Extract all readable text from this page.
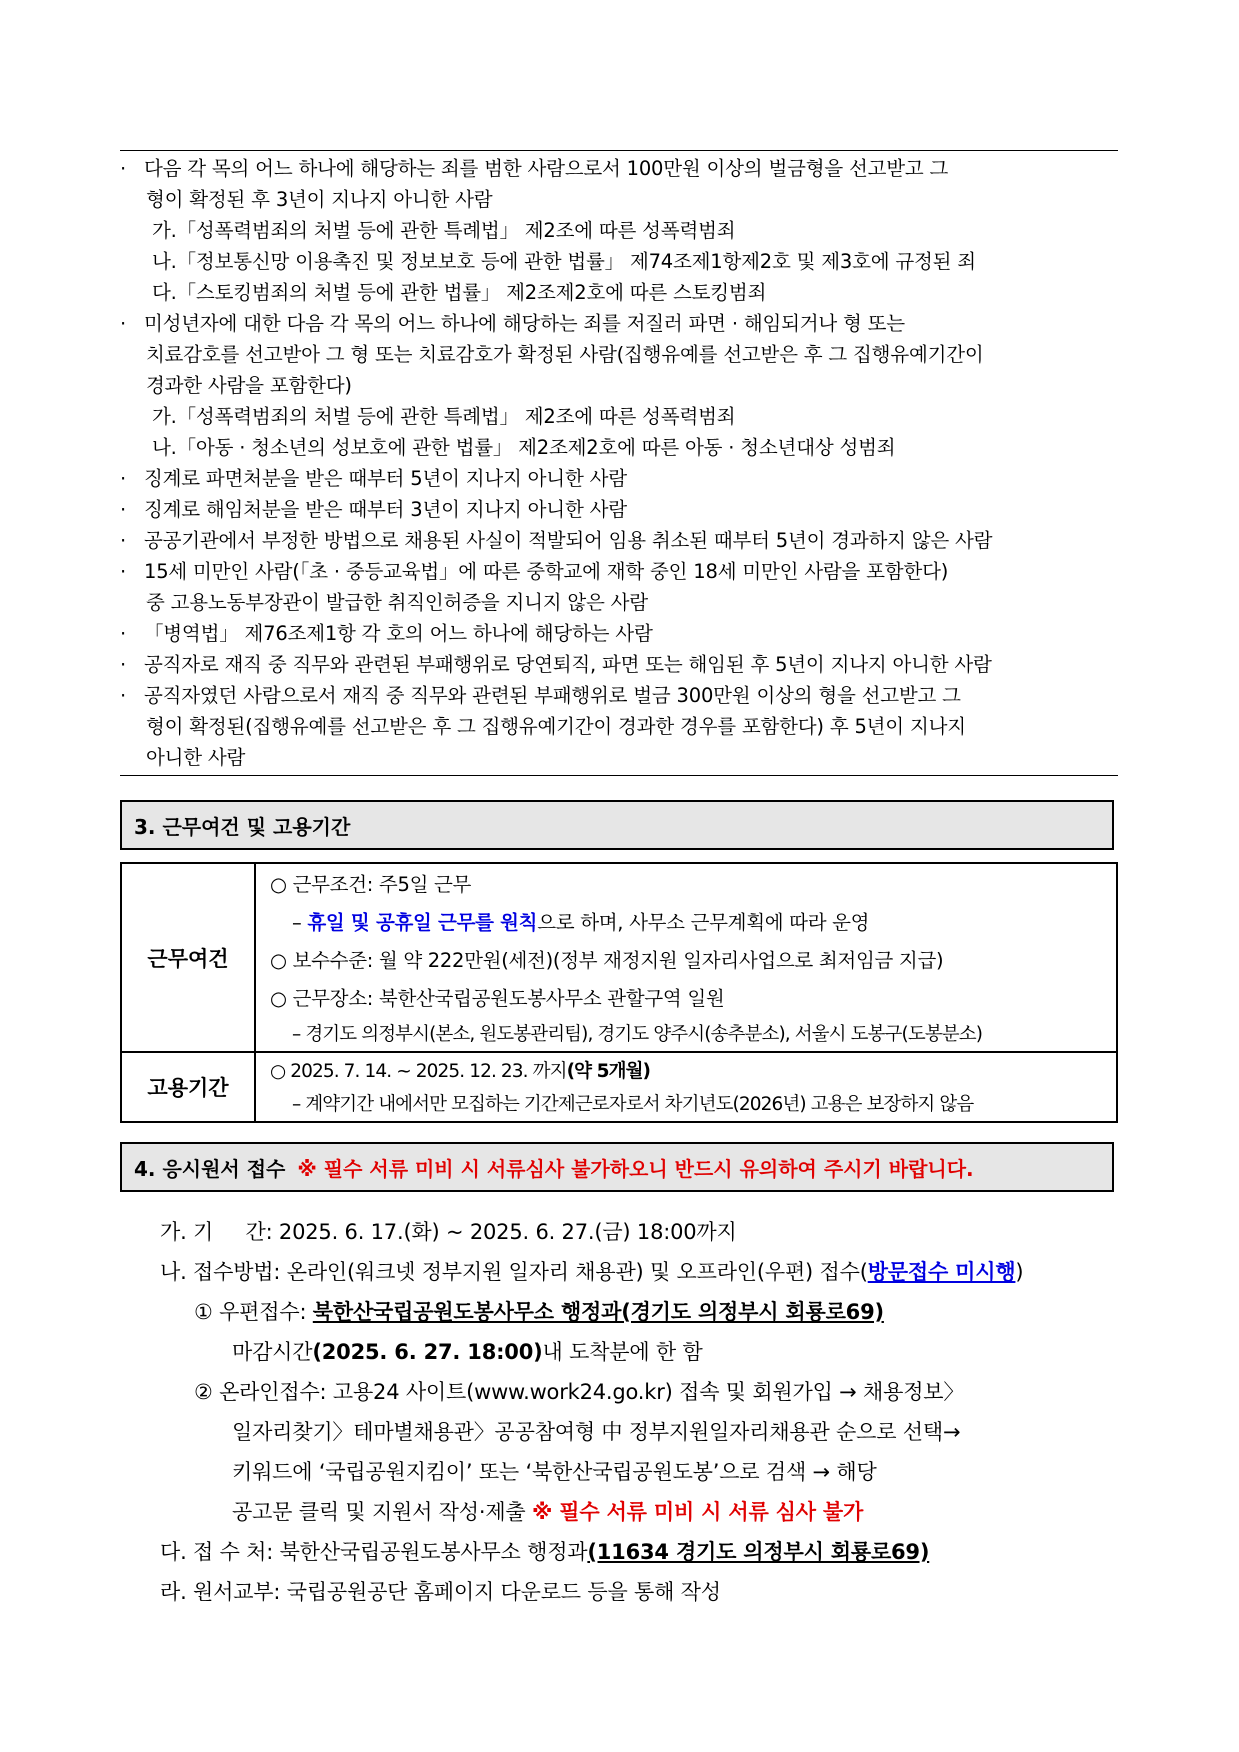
· 다음 각 목의 어느 하나에 해당하는 죄를 범한 사람으로서 100만원 이상의 벌금형을 선고받고 그
형이 확정된 후 3년이 지나지 아니한 사람
가.「성폭력범죄의 처벌 등에 관한 특례법」 제2조에 따른 성폭력범죄
나.「정보통신망 이용촉진 및 정보보호 등에 관한 법률」 제74조제1항제2호 및 제3호에 규정된 죄
다.「스토킹범죄의 처벌 등에 관한 법률」 제2조제2호에 따른 스토킹범죄
· 미성년자에 대한 다음 각 목의 어느 하나에 해당하는 죄를 저질러 파면 · 해임되거나 형 또는
치료감호를 선고받아 그 형 또는 치료감호가 확정된 사람(집행유예를 선고받은 후 그 집행유예기간이
경과한 사람을 포함한다)
가.「성폭력범죄의 처벌 등에 관한 특례법」 제2조에 따른 성폭력범죄
나.「아동 · 청소년의 성보호에 관한 법률」 제2조제2호에 따른 아동 · 청소년대상 성범죄
· 징계로 파면처분을 받은 때부터 5년이 지나지 아니한 사람
· 징계로 해임처분을 받은 때부터 3년이 지나지 아니한 사람
· 공공기관에서 부정한 방법으로 채용된 사실이 적발되어 임용 취소된 때부터 5년이 경과하지 않은 사람
· 15세 미만인 사람(「초 · 중등교육법」에 따른 중학교에 재학 중인 18세 미만인 사람을 포함한다)
중 고용노동부장관이 발급한 취직인허증을 지니지 않은 사람
· 「병역법」 제76조제1항 각 호의 어느 하나에 해당하는 사람
· 공직자로 재직 중 직무와 관련된 부패행위로 당연퇴직, 파면 또는 해임된 후 5년이 지나지 아니한 사람
· 공직자였던 사람으로서 재직 중 직무와 관련된 부패행위로 벌금 300만원 이상의 형을 선고받고 그
형이 확정된(집행유예를 선고받은 후 그 집행유예기간이 경과한 경우를 포함한다) 후 5년이 지나지
아니한 사람
3. 근무여건 및 고용기간
근무여건	○ 근무조건: 주5일 근무
– 휴일 및 공휴일 근무를 원칙으로 하며, 사무소 근무계획에 따라 운영
○ 보수수준: 월 약 222만원(세전)(정부 재정지원 일자리사업으로 최저임금 지급)
○ 근무장소: 북한산국립공원도봉사무소 관할구역 일원
– 경기도 의정부시(본소, 원도봉관리팀), 경기도 양주시(송추분소), 서울시 도봉구(도봉분소)

고용기간	○ 2025. 7. 14. ~ 2025. 12. 23. 까지(약 5개월)
– 계약기간 내에서만 모집하는 기간제근로자로서 차기년도(2026년) 고용은 보장하지 않음
4. 응시원서 접수 ※ 필수 서류 미비 시 서류심사 불가하오니 반드시 유의하여 주시기 바랍니다.
가. 기     간: 2025. 6. 17.(화) ~ 2025. 6. 27.(금) 18:00까지
나. 접수방법: 온라인(워크넷 정부지원 일자리 채용관) 및 오프라인(우편) 접수(방문접수 미시행)
① 우편접수: 북한산국립공원도봉사무소 행정과(경기도 의정부시 회룡로69)
마감시간(2025. 6. 27. 18:00)내 도착분에 한 함
② 온라인접수: 고용24 사이트(www.work24.go.kr) 접속 및 회원가입 → 채용정보〉
일자리찾기〉테마별채용관〉공공참여형 中 정부지원일자리채용관 순으로 선택→
키워드에 ‘국립공원지킴이’ 또는 ‘북한산국립공원도봉’으로 검색 → 해당
공고문 클릭 및 지원서 작성·제출 ※ 필수 서류 미비 시 서류 심사 불가
다. 접 수 처: 북한산국립공원도봉사무소 행정과(11634 경기도 의정부시 회룡로69)
라. 원서교부: 국립공원공단 홈페이지 다운로드 등을 통해 작성
